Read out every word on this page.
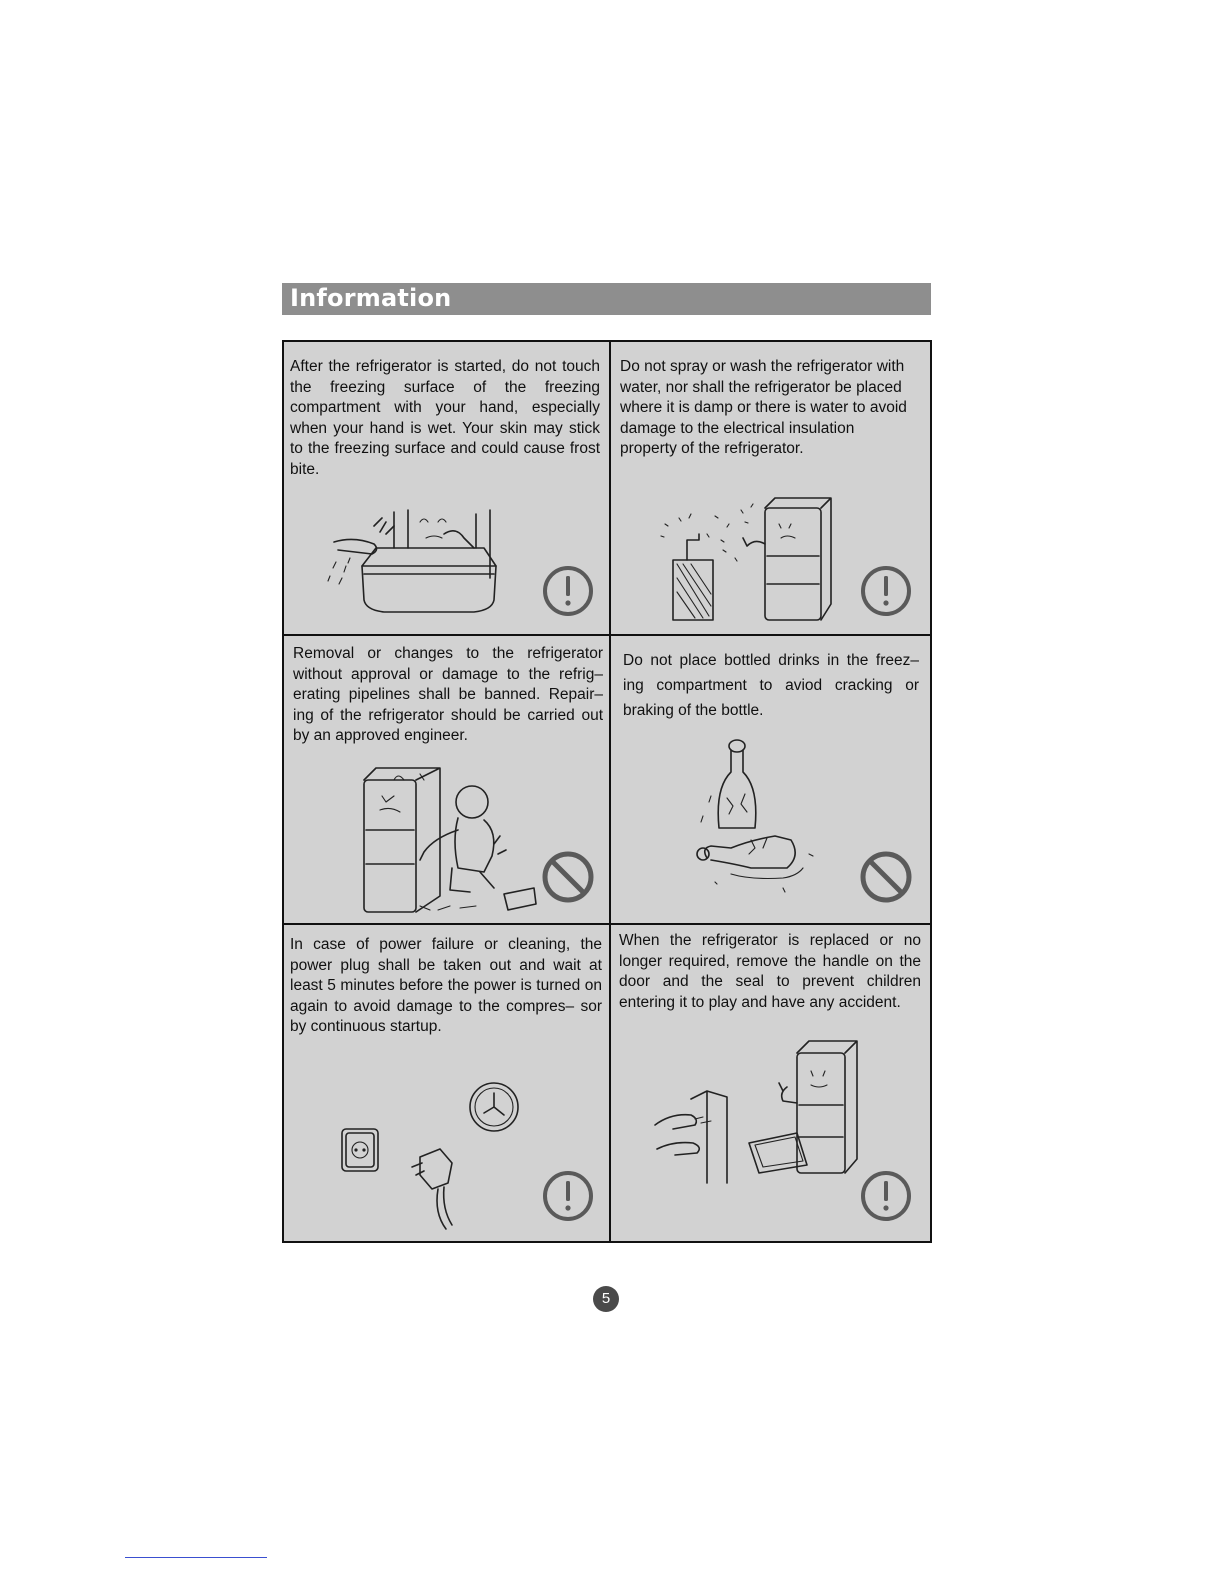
Information

After the refrigerator is started, do not touch the freezing surface of the freezing compartment with your hand, especially when your hand is wet. Your skin may stick to the freezing surface and could cause frost bite.

Do not spray or wash the refrigerator with water, nor shall the refrigerator be placed where it is damp or there is water to avoid damage to the electrical insulation property of the refrigerator.

Removal or changes to the refrigerator without approval or damage to the refrig– erating pipelines shall be banned. Repair– ing of the refrigerator should be carried out by an approved engineer.

Do not place bottled drinks in the freez– ing compartment to aviod cracking or braking of the bottle.

In case of power failure or cleaning, the power plug shall be taken out and wait at least 5 minutes before the power is turned on again to avoid damage to the compres– sor by continuous startup.

When the refrigerator is replaced or no longer required, remove the handle on the door and the seal to prevent children entering it to play and have any accident.

5
